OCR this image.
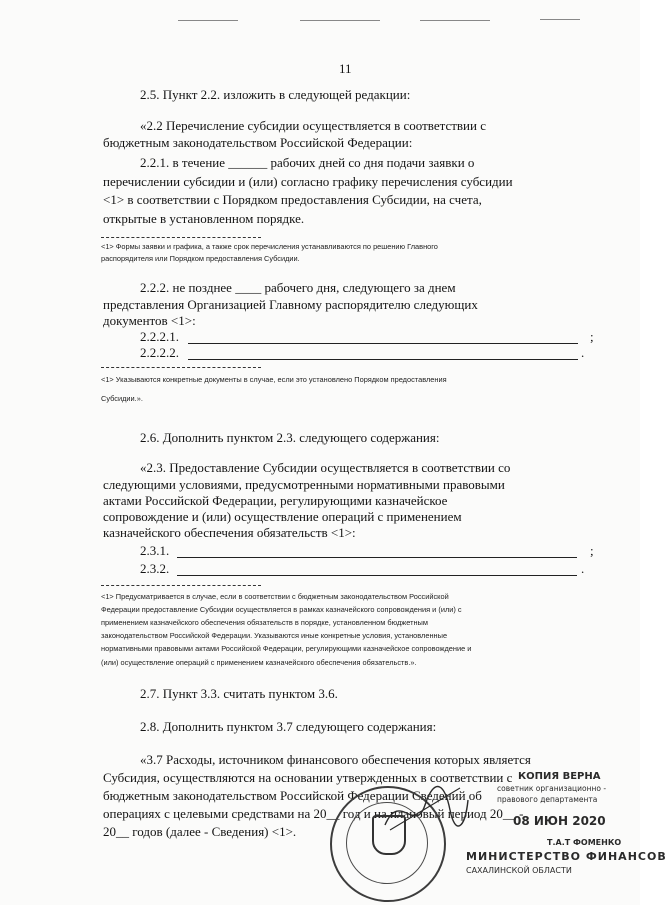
11
2.5. Пункт 2.2. изложить в следующей редакции:
«2.2 Перечисление субсидии осуществляется в соответствии с
бюджетным законодательством Российской Федерации:
2.2.1. в течение ______ рабочих дней со дня подачи заявки о
перечислении субсидии и (или) согласно графику перечисления субсидии
<1> в соответствии с Порядком предоставления Субсидии, на счета,
открытые в установленном порядке.
<1> Формы заявки и графика, а также срок перечисления устанавливаются по решению Главного
распорядителя или Порядком предоставления Субсидии.
2.2.2. не позднее ____ рабочего дня, следующего за днем
представления Организацией Главному распорядителю следующих
документов <1>:
2.2.2.1.	;
2.2.2.2.	.
<1> Указываются конкретные документы в случае, если это установлено Порядком предоставления
Субсидии.».
2.6. Дополнить пунктом 2.3. следующего содержания:
«2.3. Предоставление Субсидии осуществляется в соответствии со
следующими условиями, предусмотренными нормативными правовыми
актами Российской Федерации, регулирующими казначейское
сопровождение и (или) осуществление операций с применением
казначейского обеспечения обязательств <1>:
2.3.1.	;
2.3.2.	.
<1> Предусматривается в случае, если в соответствии с бюджетным законодательством Российской
Федерации предоставление Субсидии осуществляется в рамках казначейского сопровождения и (или) с
применением казначейского обеспечения обязательств в порядке, установленном бюджетным
законодательством Российской Федерации. Указываются иные конкретные условия, установленные
нормативными правовыми актами Российской Федерации, регулирующими казначейское сопровождение и
(или) осуществление операций с применением казначейского обеспечения обязательств.».
2.7. Пункт 3.3. считать пунктом 3.6.
2.8. Дополнить пунктом 3.7 следующего содержания:
«3.7 Расходы, источником финансового обеспечения которых является
Субсидия, осуществляются на основании утвержденных в соответствии с
бюджетным законодательством Российской Федерации Сведений об
операциях с целевыми средствами на 20__ год и на плановый период 20__ -
20__ годов (далее - Сведения) <1>.
КОПИЯ ВЕРНА
советник организационно -
правового департамента
08 ИЮН 2020
Т.А.Т ФОМЕНКО
МИНИСТЕРСТВО ФИНАНСОВ
САХАЛИНСКОЙ ОБЛАСТИ
